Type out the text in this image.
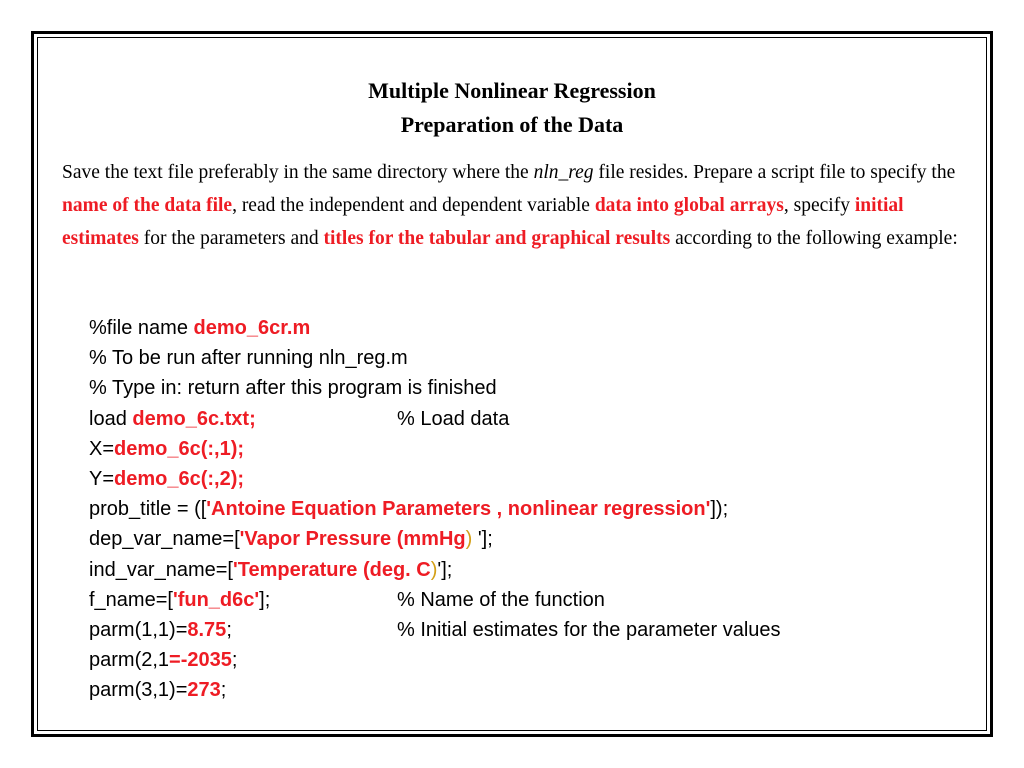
Multiple Nonlinear Regression
Preparation of the Data
Save the text file preferably in the same directory where the nln_reg file resides. Prepare a script file to specify the name of the data file, read the independent and dependent variable data into global arrays, specify initial estimates for the parameters and titles for the tabular and graphical results according to the following example:
%file name demo_6cr.m
% To be run after running nln_reg.m
% Type in: return after this program is finished
load demo_6c.txt;	% Load data
X=demo_6c(:,1);
Y=demo_6c(:,2);
prob_title = (['Antoine Equation Parameters , nonlinear regression']);
dep_var_name=['Vapor Pressure (mmHg) '];
ind_var_name=['Temperature (deg. C)'];
f_name=['fun_d6c'];	% Name of the function
parm(1,1)=8.75;	% Initial estimates for the parameter values
parm(2,1=-2035;
parm(3,1)=273;
